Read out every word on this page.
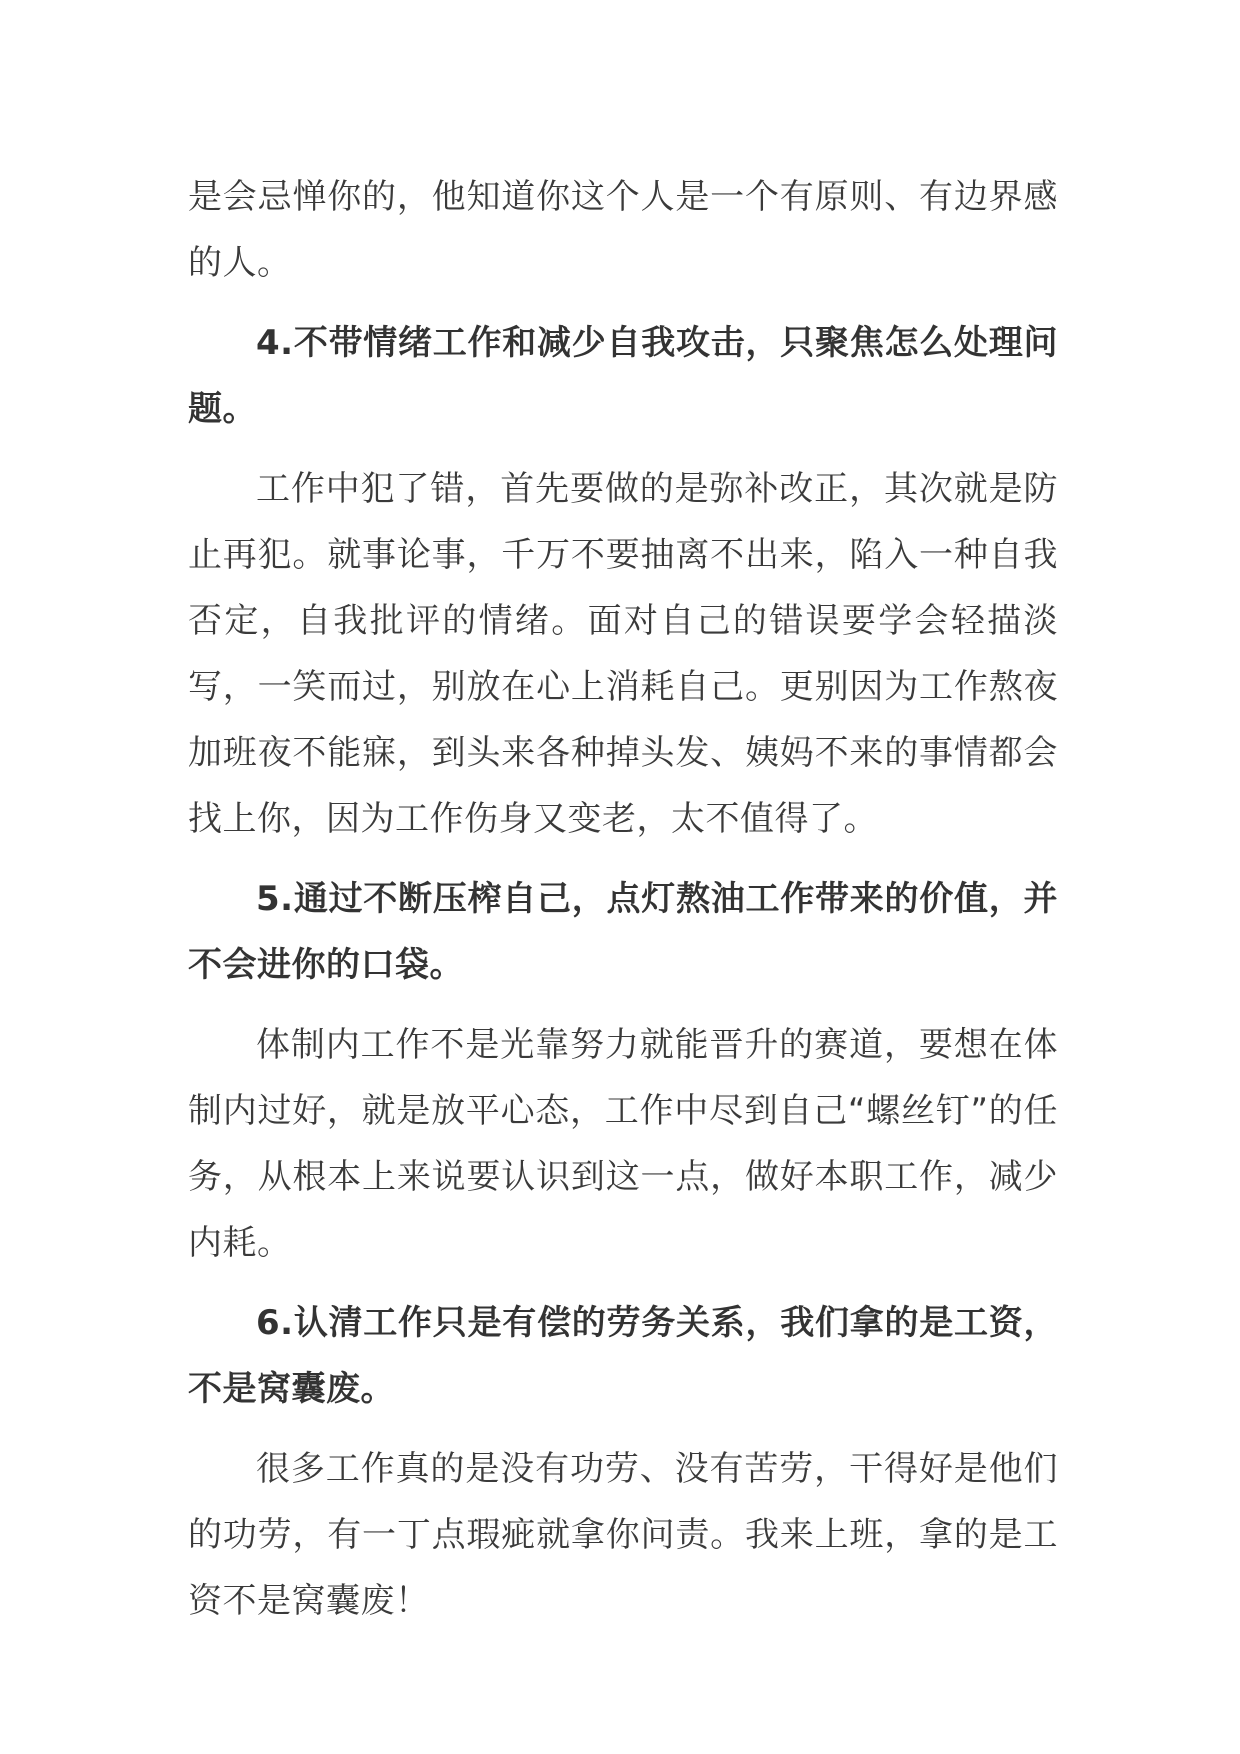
是会忌惮你的，他知道你这个人是一个有原则、有边界感的人。

4.不带情绪工作和减少自我攻击，只聚焦怎么处理问题。

工作中犯了错，首先要做的是弥补改正，其次就是防止再犯。就事论事，千万不要抽离不出来，陷入一种自我否定，自我批评的情绪。面对自己的错误要学会轻描淡写，一笑而过，别放在心上消耗自己。更别因为工作熬夜加班夜不能寐，到头来各种掉头发、姨妈不来的事情都会找上你，因为工作伤身又变老，太不值得了。

5.通过不断压榨自己，点灯熬油工作带来的价值，并不会进你的口袋。

体制内工作不是光靠努力就能晋升的赛道，要想在体制内过好，就是放平心态，工作中尽到自己“螺丝钉”的任务，从根本上来说要认识到这一点，做好本职工作，减少内耗。

6.认清工作只是有偿的劳务关系，我们拿的是工资，不是窝囊废。

很多工作真的是没有功劳、没有苦劳，干得好是他们的功劳，有一丁点瑕疵就拿你问责。我来上班，拿的是工资不是窝囊废！
